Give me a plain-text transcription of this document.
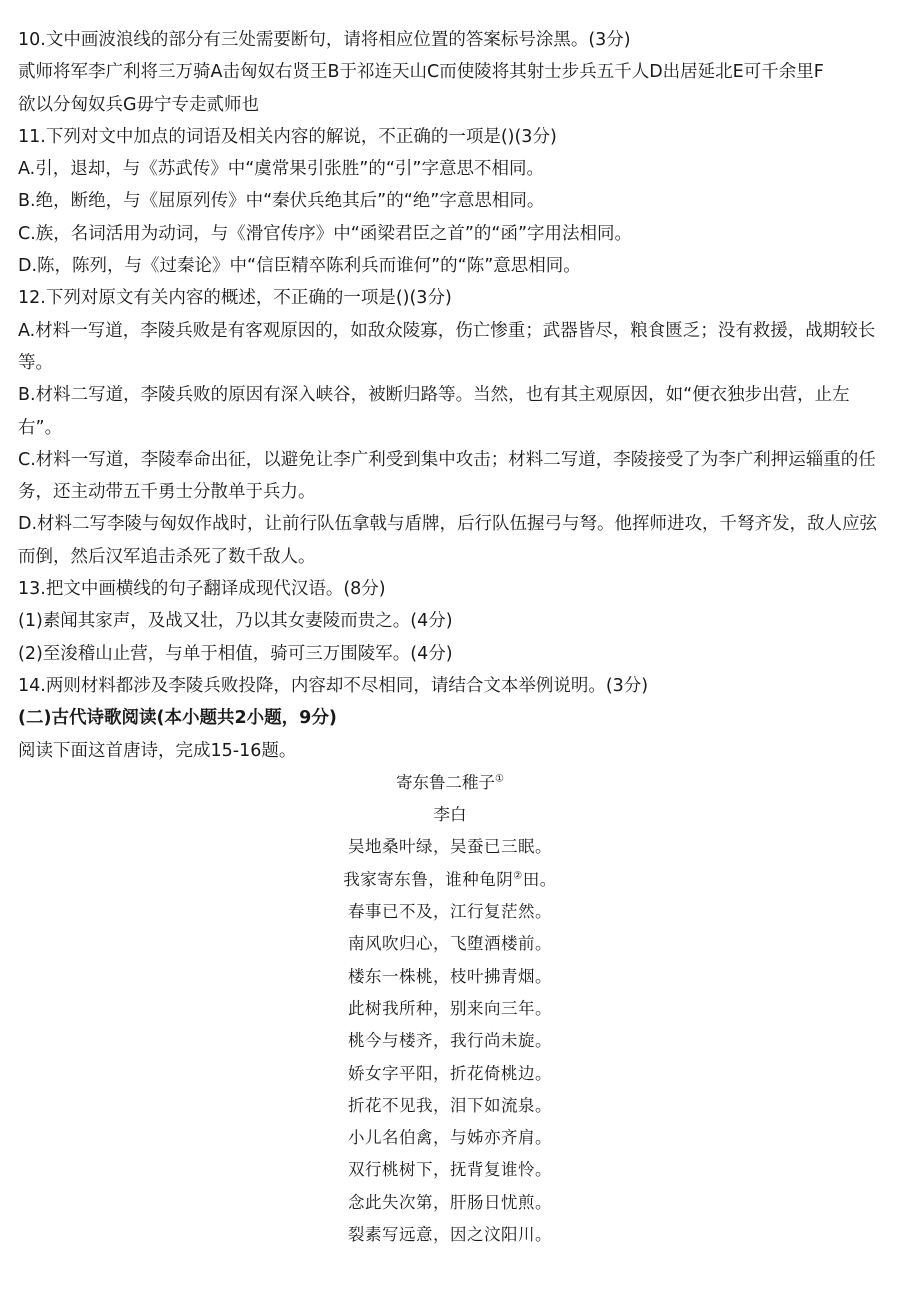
10.文中画波浪线的部分有三处需要断句，请将相应位置的答案标号涂黑。(3分)
贰师将军李广利将三万骑A击匈奴右贤王B于祁连天山C而使陵将其射士步兵五千人D出居延北E可千余里F
欲以分匈奴兵G毋宁专走贰师也
11.下列对文中加点的词语及相关内容的解说，不正确的一项是()(3分)
A.引，退却，与《苏武传》中“虞常果引张胜”的“引”字意思不相同。
B.绝，断绝，与《屈原列传》中“秦伏兵绝其后”的“绝”字意思相同。
C.族，名词活用为动词，与《滑官传序》中“函梁君臣之首”的“函”字用法相同。
D.陈，陈列，与《过秦论》中“信臣精卒陈利兵而谁何”的“陈”意思相同。
12.下列对原文有关内容的概述，不正确的一项是()(3分)
A.材料一写道，李陵兵败是有客观原因的，如敌众陵寡，伤亡惨重；武器皆尽，粮食匮乏；没有救援，战期较长等。
B.材料二写道，李陵兵败的原因有深入峡谷，被断归路等。当然，也有其主观原因，如“便衣独步出营，止左右”。
C.材料一写道，李陵奉命出征，以避免让李广利受到集中攻击；材料二写道，李陵接受了为李广利押运辎重的任务，还主动带五千勇士分散单于兵力。
D.材料二写李陵与匈奴作战时，让前行队伍拿戟与盾牌，后行队伍握弓与弩。他挥师进攻，千弩齐发，敌人应弦而倒，然后汉军追击杀死了数千敌人。
13.把文中画横线的句子翻译成现代汉语。(8分)
(1)素闻其家声，及战又壮，乃以其女妻陵而贵之。(4分)
(2)至浚稽山止营，与单于相值，骑可三万围陵军。(4分)
14.两则材料都涉及李陵兵败投降，内容却不尽相同，请结合文本举例说明。(3分)
(二)古代诗歌阅读(本小题共2小题，9分)
阅读下面这首唐诗，完成15-16题。
寄东鲁二稚子①
李白
吴地桑叶绿，吴蚕已三眠。
我家寄东鲁，谁种龟阴②田。
春事已不及，江行复茫然。
南风吹归心，飞堕酒楼前。
楼东一株桃，枝叶拂青烟。
此树我所种，别来向三年。
桃今与楼齐，我行尚未旋。
娇女字平阳，折花倚桃边。
折花不见我，泪下如流泉。
小儿名伯禽，与姊亦齐肩。
双行桃树下，抚背复谁怜。
念此失次第，肝肠日忧煎。
裂素写远意，因之汶阳川。
